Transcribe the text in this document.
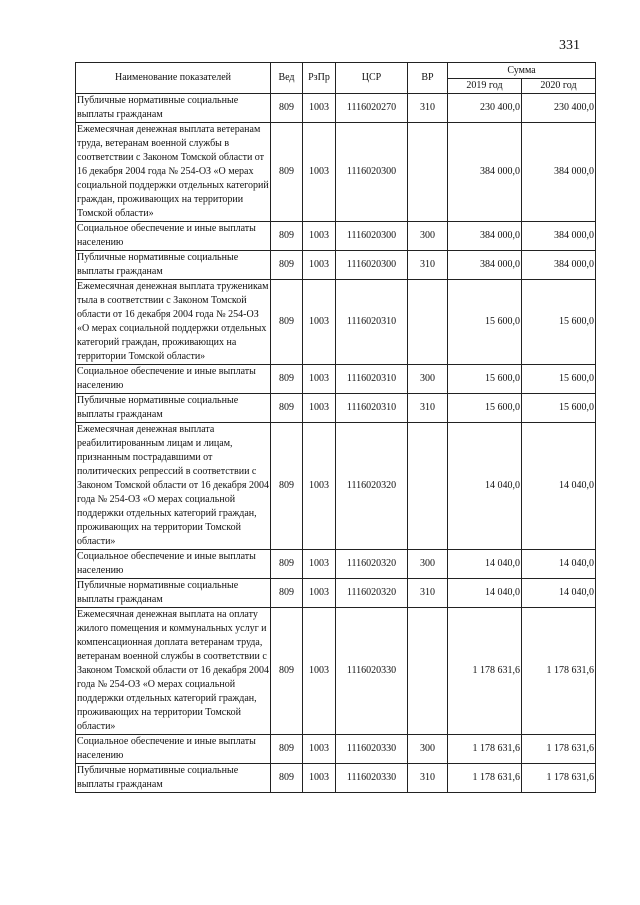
331
Наименование показателей	Вед	РзПр	ЦСР	ВР	Сумма	
					2019 год	2020 год
Публичные нормативные социальные выплаты гражданам	809	1003	1116020270	310	230 400,0	230 400,0
Ежемесячная денежная выплата ветеранам труда, ветеранам военной службы в соответствии с Законом Томской области от 16 декабря 2004 года № 254-ОЗ «О мерах социальной поддержки отдельных категорий граждан, проживающих на территории Томской области»	809	1003	1116020300		384 000,0	384 000,0
Социальное обеспечение и иные выплаты населению	809	1003	1116020300	300	384 000,0	384 000,0
Публичные нормативные социальные выплаты гражданам	809	1003	1116020300	310	384 000,0	384 000,0
Ежемесячная денежная выплата труженикам тыла в соответствии с Законом Томской области от 16 декабря 2004 года № 254-ОЗ «О мерах социальной поддержки отдельных категорий граждан, проживающих на территории Томской области»	809	1003	1116020310		15 600,0	15 600,0
Социальное обеспечение и иные выплаты населению	809	1003	1116020310	300	15 600,0	15 600,0
Публичные нормативные социальные выплаты гражданам	809	1003	1116020310	310	15 600,0	15 600,0
Ежемесячная денежная выплата реабилитированным лицам и лицам, признанным пострадавшими от политических репрессий в соответствии с Законом Томской области от 16 декабря 2004 года № 254-ОЗ «О мерах социальной поддержки отдельных категорий граждан, проживающих на территории Томской области»	809	1003	1116020320		14 040,0	14 040,0
Социальное обеспечение и иные выплаты населению	809	1003	1116020320	300	14 040,0	14 040,0
Публичные нормативные социальные выплаты гражданам	809	1003	1116020320	310	14 040,0	14 040,0
Ежемесячная денежная выплата на оплату жилого помещения и коммунальных услуг и компенсационная доплата ветеранам труда, ветеранам военной службы в соответствии с Законом Томской области от 16 декабря 2004 года № 254-ОЗ «О мерах социальной поддержки отдельных категорий граждан, проживающих на территории Томской области»	809	1003	1116020330		1 178 631,6	1 178 631,6
Социальное обеспечение и иные выплаты населению	809	1003	1116020330	300	1 178 631,6	1 178 631,6
Публичные нормативные социальные выплаты гражданам	809	1003	1116020330	310	1 178 631,6	1 178 631,6
